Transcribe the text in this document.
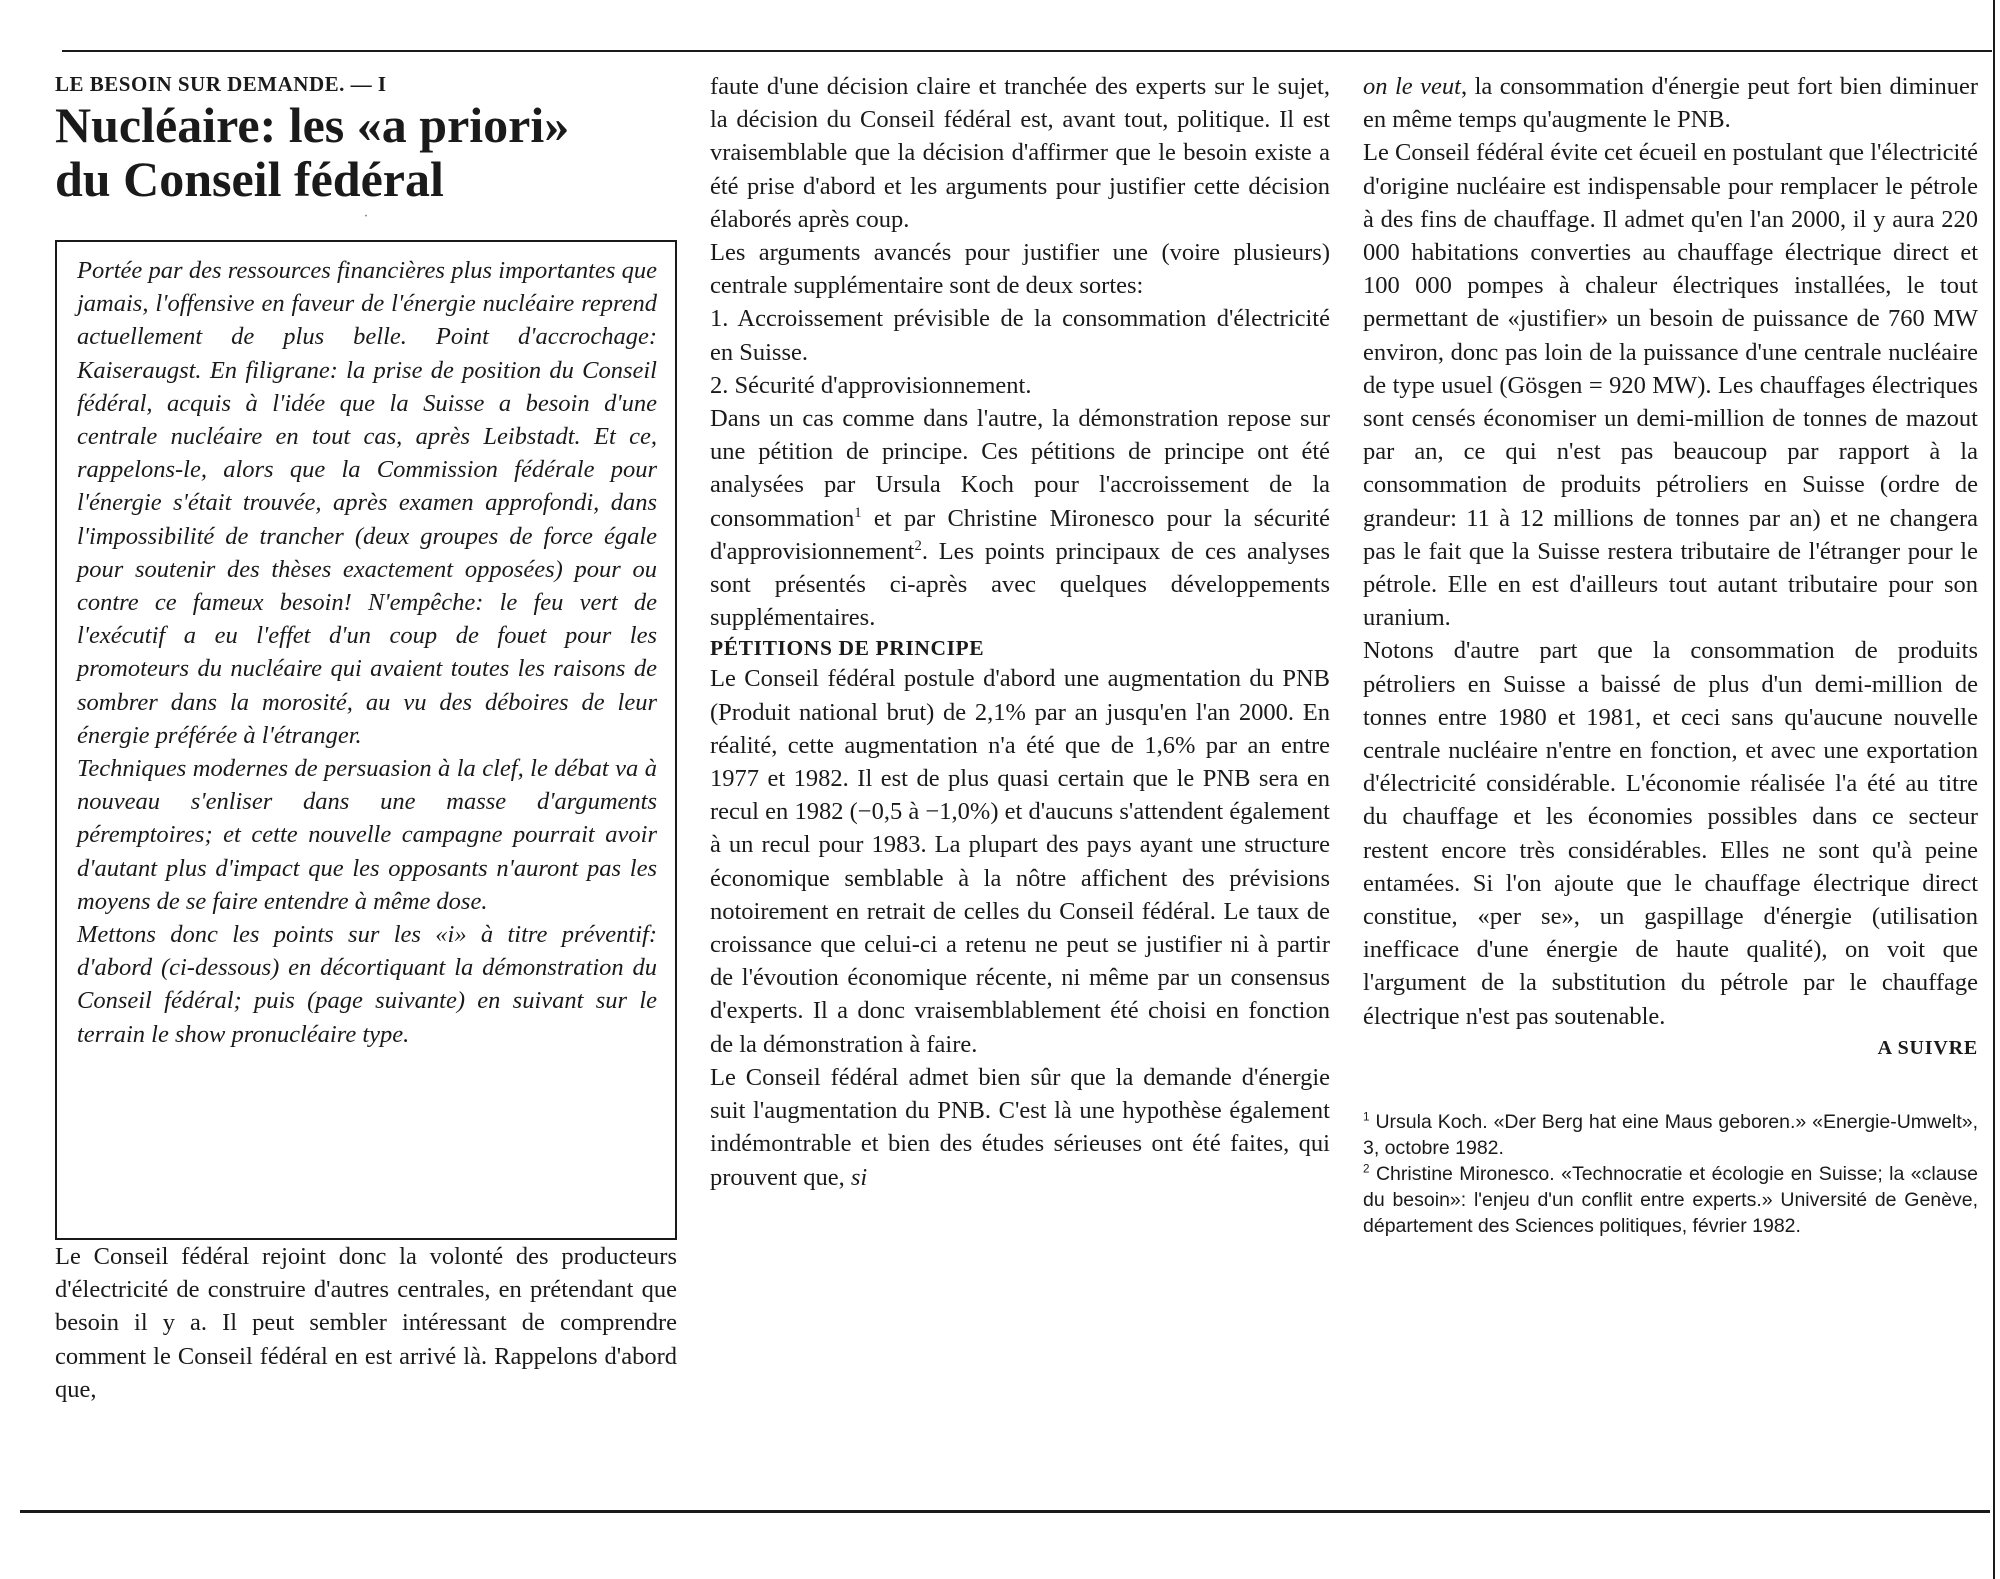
LE BESOIN SUR DEMANDE. — I

Nucléaire: les «a priori»
du Conseil fédéral
·

Portée par des ressources financières plus importantes que jamais, l'offensive en faveur de l'énergie nucléaire reprend actuellement de plus belle. Point d'accrochage: Kaiseraugst. En filigrane: la prise de position du Conseil fédéral, acquis à l'idée que la Suisse a besoin d'une centrale nucléaire en tout cas, après Leibstadt. Et ce, rappelons-le, alors que la Commission fédérale pour l'énergie s'était trouvée, après examen approfondi, dans l'impossibilité de trancher (deux groupes de force égale pour soutenir des thèses exactement opposées) pour ou contre ce fameux besoin! N'empêche: le feu vert de l'exécutif a eu l'effet d'un coup de fouet pour les promoteurs du nucléaire qui avaient toutes les raisons de sombrer dans la morosité, au vu des déboires de leur énergie préférée à l'étranger.

Techniques modernes de persuasion à la clef, le débat va à nouveau s'enliser dans une masse d'arguments péremptoires; et cette nouvelle campagne pourrait avoir d'autant plus d'impact que les opposants n'auront pas les moyens de se faire entendre à même dose.

Mettons donc les points sur les «i» à titre préventif: d'abord (ci-dessous) en décortiquant la démonstration du Conseil fédéral; puis (page suivante) en suivant sur le terrain le show pronucléaire type.

Le Conseil fédéral rejoint donc la volonté des producteurs d'électricité de construire d'autres centrales, en prétendant que besoin il y a. Il peut sembler intéressant de comprendre comment le Conseil fédéral en est arrivé là. Rappelons d'abord que,

faute d'une décision claire et tranchée des experts sur le sujet, la décision du Conseil fédéral est, avant tout, politique. Il est vraisemblable que la décision d'affirmer que le besoin existe a été prise d'abord et les arguments pour justifier cette décision élaborés après coup.

Les arguments avancés pour justifier une (voire plusieurs) centrale supplémentaire sont de deux sortes:

1. Accroissement prévisible de la consommation d'électricité en Suisse.

2. Sécurité d'approvisionnement.

Dans un cas comme dans l'autre, la démonstration repose sur une pétition de principe. Ces pétitions de principe ont été analysées par Ursula Koch pour l'accroissement de la consommation$^1$ et par Christine Mironesco pour la sécurité d'approvisionnement$^2$. Les points principaux de ces analyses sont présentés ci-après avec quelques développements supplémentaires.

PÉTITIONS DE PRINCIPE

Le Conseil fédéral postule d'abord une augmentation du PNB (Produit national brut) de 2,1% par an jusqu'en l'an 2000. En réalité, cette augmentation n'a été que de 1,6% par an entre 1977 et 1982. Il est de plus quasi certain que le PNB sera en recul en 1982 (−0,5 à −1,0%) et d'aucuns s'attendent également à un recul pour 1983. La plupart des pays ayant une structure économique semblable à la nôtre affichent des prévisions notoirement en retrait de celles du Conseil fédéral. Le taux de croissance que celui-ci a retenu ne peut se justifier ni à partir de l'évoution économique récente, ni même par un consensus d'experts. Il a donc vraisemblablement été choisi en fonction de la démonstration à faire.

Le Conseil fédéral admet bien sûr que la demande d'énergie suit l'augmentation du PNB. C'est là une hypothèse également indémontrable et bien des études sérieuses ont été faites, qui prouvent que, si

on le veut, la consommation d'énergie peut fort bien diminuer en même temps qu'augmente le PNB.

Le Conseil fédéral évite cet écueil en postulant que l'électricité d'origine nucléaire est indispensable pour remplacer le pétrole à des fins de chauffage. Il admet qu'en l'an 2000, il y aura 220 000 habitations converties au chauffage électrique direct et 100 000 pompes à chaleur électriques installées, le tout permettant de «justifier» un besoin de puissance de 760 MW environ, donc pas loin de la puissance d'une centrale nucléaire de type usuel (Gösgen = 920 MW). Les chauffages électriques sont censés économiser un demi-million de tonnes de mazout par an, ce qui n'est pas beaucoup par rapport à la consommation de produits pétroliers en Suisse (ordre de grandeur: 11 à 12 millions de tonnes par an) et ne changera pas le fait que la Suisse restera tributaire de l'étranger pour le pétrole. Elle en est d'ailleurs tout autant tributaire pour son uranium.

Notons d'autre part que la consommation de produits pétroliers en Suisse a baissé de plus d'un demi-million de tonnes entre 1980 et 1981, et ceci sans qu'aucune nouvelle centrale nucléaire n'entre en fonction, et avec une exportation d'électricité considérable. L'économie réalisée l'a été au titre du chauffage et les économies possibles dans ce secteur restent encore très considérables. Elles ne sont qu'à peine entamées. Si l'on ajoute que le chauffage électrique direct constitue, «per se», un gaspillage d'énergie (utilisation inefficace d'une énergie de haute qualité), on voit que l'argument de la substitution du pétrole par le chauffage électrique n'est pas soutenable.

A SUIVRE

$^1$ Ursula Koch. «Der Berg hat eine Maus geboren.» «Energie-Umwelt», 3, octobre 1982.

$^2$ Christine Mironesco. «Technocratie et écologie en Suisse; la «clause du besoin»: l'enjeu d'un conflit entre experts.» Université de Genève, département des Sciences politiques, février 1982.
